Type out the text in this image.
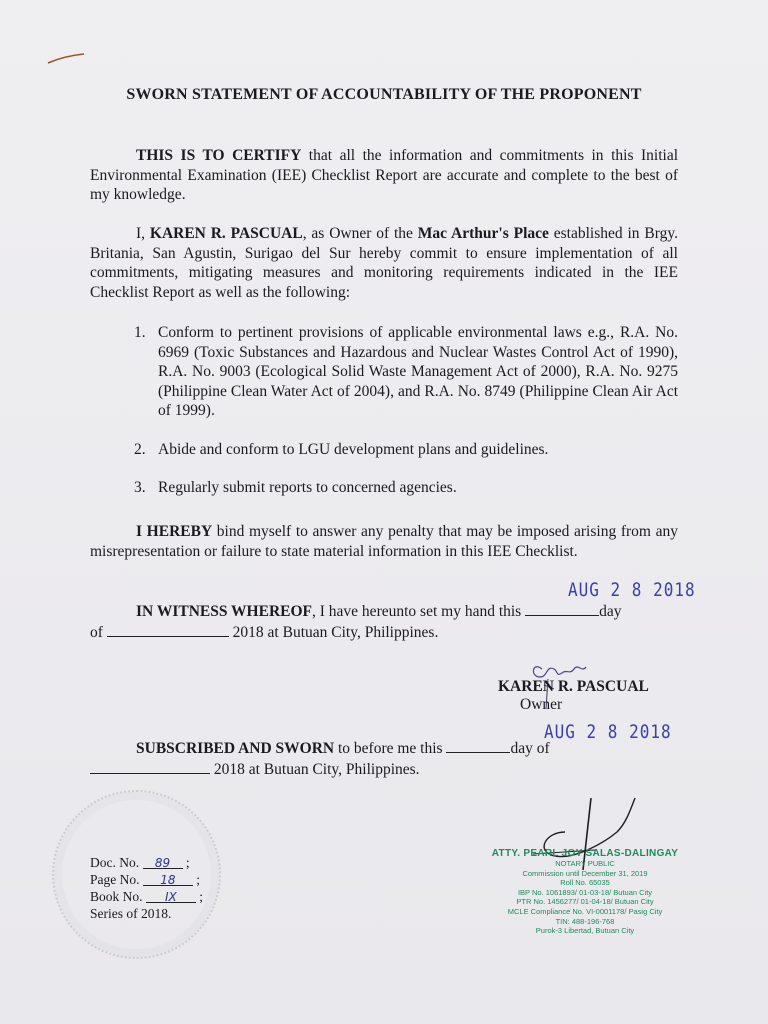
SWORN STATEMENT OF ACCOUNTABILITY OF THE PROPONENT
THIS IS TO CERTIFY that all the information and commitments in this Initial Environmental Examination (IEE) Checklist Report are accurate and complete to the best of my knowledge.
I, KAREN R. PASCUAL, as Owner of the Mac Arthur's Place established in Brgy. Britania, San Agustin, Surigao del Sur hereby commit to ensure implementation of all commitments, mitigating measures and monitoring requirements indicated in the IEE Checklist Report as well as the following:
1. Conform to pertinent provisions of applicable environmental laws e.g., R.A. No. 6969 (Toxic Substances and Hazardous and Nuclear Wastes Control Act of 1990), R.A. No. 9003 (Ecological Solid Waste Management Act of 2000), R.A. No. 9275 (Philippine Clean Water Act of 2004), and R.A. No. 8749 (Philippine Clean Air Act of 1999).
2. Abide and conform to LGU development plans and guidelines.
3. Regularly submit reports to concerned agencies.
I HEREBY bind myself to answer any penalty that may be imposed arising from any misrepresentation or failure to state material information in this IEE Checklist.
AUG 2 8 2018
IN WITNESS WHEREOF, I have hereunto set my hand this	day
of	2018 at Butuan City, Philippines.
KAREN R. PASCUAL
Owner
AUG 2 8 2018
SUBSCRIBED AND SWORN to before me this	day of
2018 at Butuan City, Philippines.
Doc. No. 89 ;
Page No. 18 ;
Book No. IX ;
Series of 2018.
ATTY. PEARL JOY SALAS-DALINGAY
NOTARY PUBLIC
Commission until December 31, 2019
Roll No. 65035
IBP No. 1061893/ 01-03-18/ Butuan City
PTR No. 1456277/ 01-04-18/ Butuan City
MCLE Compliance No. VI-0001178/ Pasig City
TIN: 488-196-768
Purok-3 Libertad, Butuan City
